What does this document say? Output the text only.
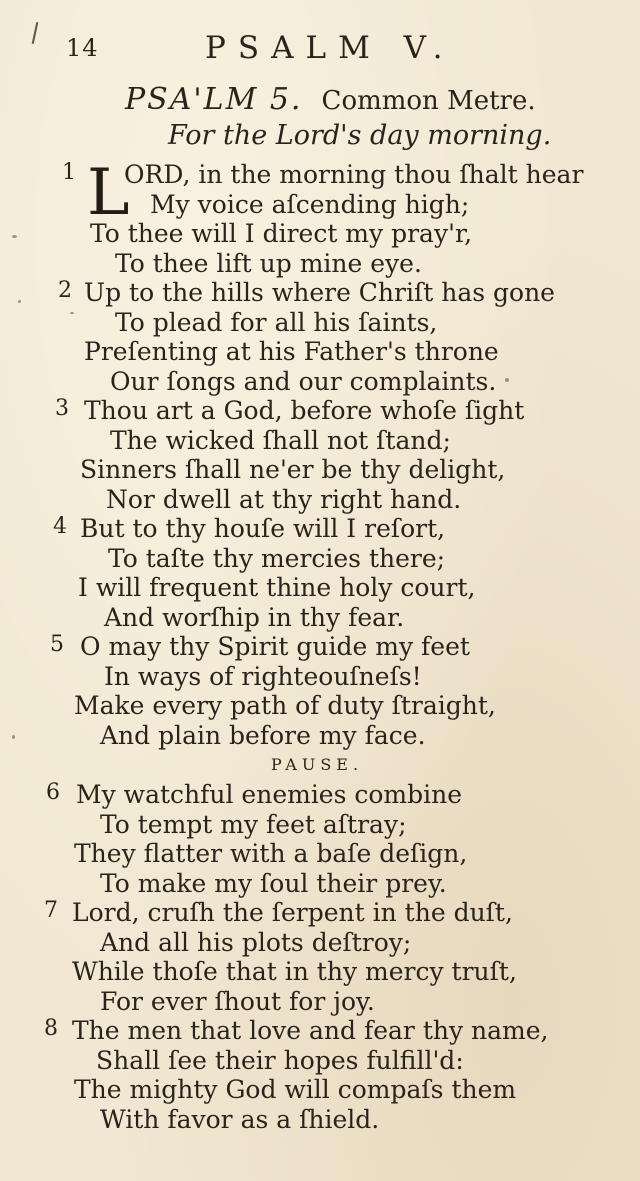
14	PSALM V.
PSA'LM 5. Common Metre.
For the Lord's day morning.
1 L
ORD, in the morning thou ſhalt hear
My voice aſcending high;
To thee will I direct my pray'r,
To thee lift up mine eye.
2 Up to the hills where Chriſt has gone
To plead for all his ſaints,
Preſenting at his Father's throne
Our ſongs and our complaints.
3 Thou art a God, before whoſe ſight
The wicked ſhall not ſtand;
Sinners ſhall ne'er be thy delight,
Nor dwell at thy right hand.
4 But to thy houſe will I reſort,
To taſte thy mercies there;
I will frequent thine holy court,
And worſhip in thy fear.
5 O may thy Spirit guide my feet
In ways of righteouſneſs!
Make every path of duty ſtraight,
And plain before my face.
PAUSE.
6 My watchful enemies combine
To tempt my feet aſtray;
They flatter with a baſe deſign,
To make my ſoul their prey.
7 Lord, cruſh the ſerpent in the duſt,
And all his plots deſtroy;
While thoſe that in thy mercy truſt,
For ever ſhout for joy.
8 The men that love and fear thy name,
Shall ſee their hopes fulfill'd:
The mighty God will compaſs them
With favor as a ſhield.
